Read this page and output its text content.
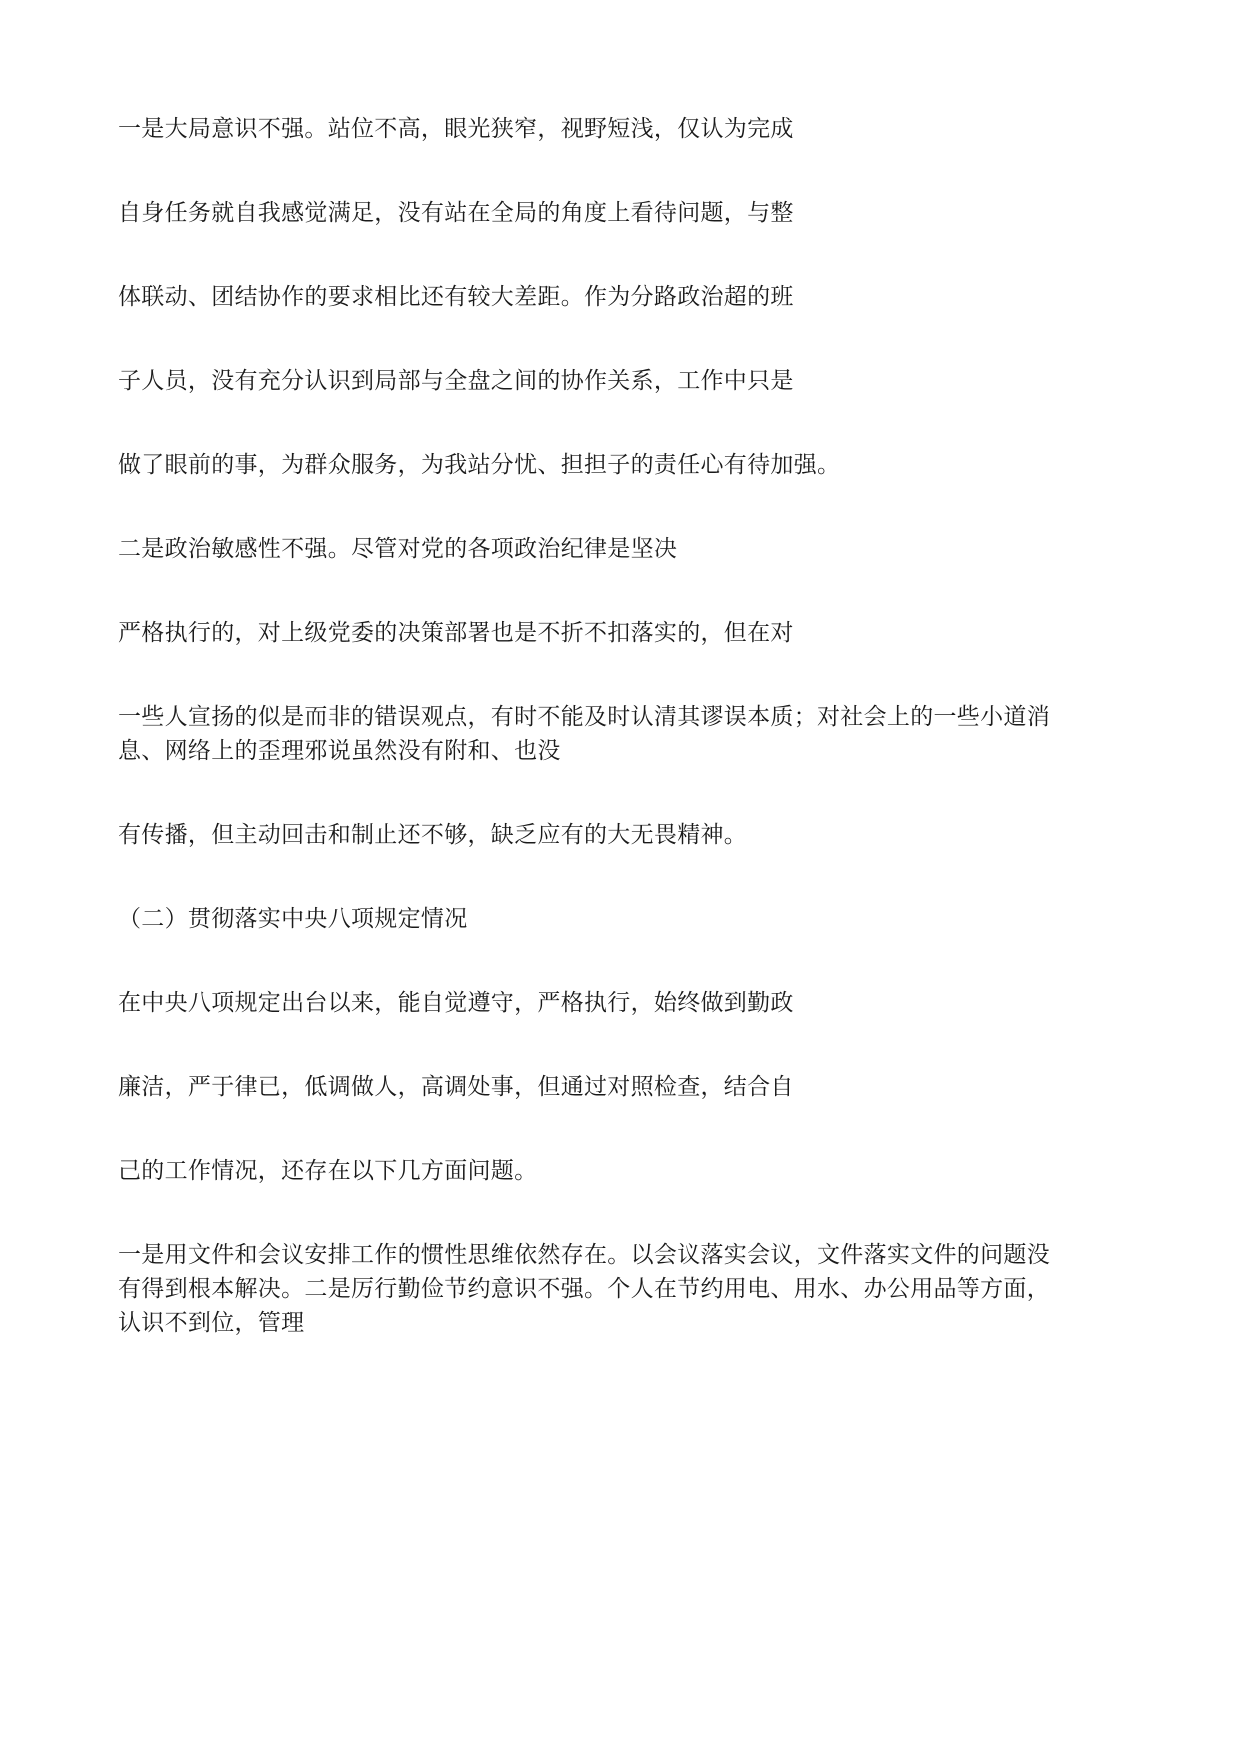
一是大局意识不强。站位不高，眼光狭窄，视野短浅，仅认为完成

自身任务就自我感觉满足，没有站在全局的角度上看待问题，与整

体联动、团结协作的要求相比还有较大差距。作为分路政治超的班

子人员，没有充分认识到局部与全盘之间的协作关系，工作中只是

做了眼前的事，为群众服务，为我站分忧、担担子的责任心有待加强。

二是政治敏感性不强。尽管对党的各项政治纪律是坚决

严格执行的，对上级党委的决策部署也是不折不扣落实的，但在对

一些人宣扬的似是而非的错误观点，有时不能及时认清其谬误本质；对社会上的一些小道消

息、网络上的歪理邪说虽然没有附和、也没

有传播，但主动回击和制止还不够，缺乏应有的大无畏精神。

（二）贯彻落实中央八项规定情况

在中央八项规定出台以来，能自觉遵守，严格执行，始终做到勤政

廉洁，严于律已，低调做人，高调处事，但通过对照检查，结合自

己的工作情况，还存在以下几方面问题。

一是用文件和会议安排工作的惯性思维依然存在。以会议落实会议，文件落实文件的问题没

有得到根本解决。二是厉行勤俭节约意识不强。个人在节约用电、用水、办公用品等方面，

认识不到位，管理
